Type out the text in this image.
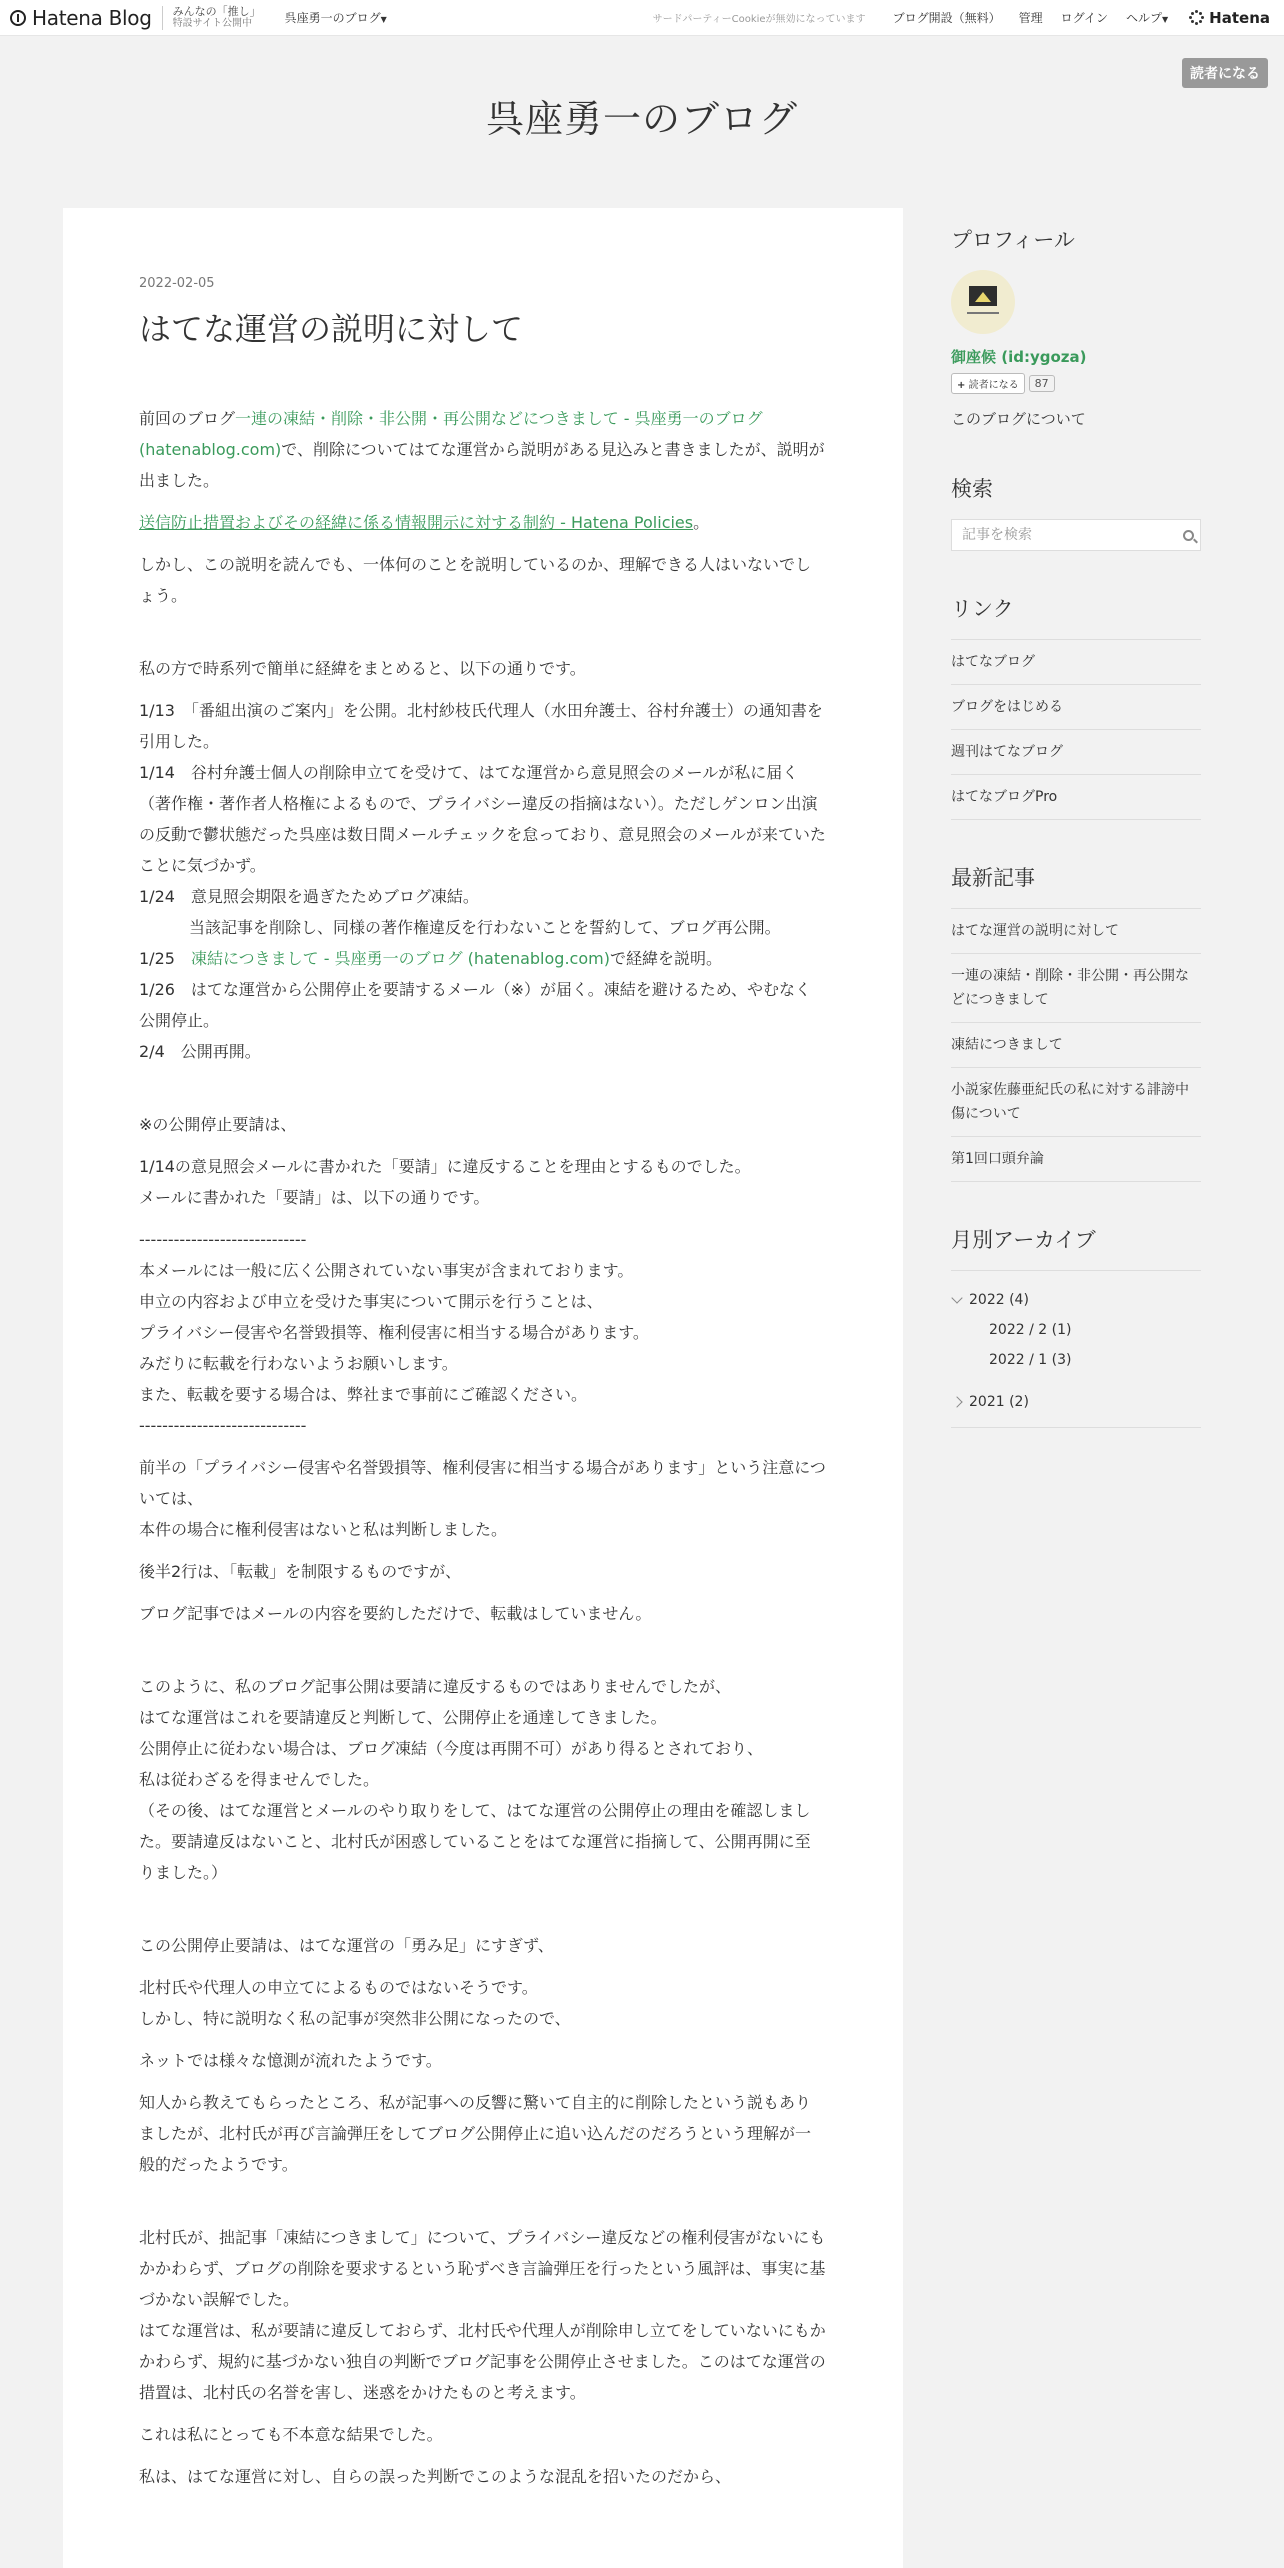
Hatena Blog みんなの「推し」
特設サイト公開中	呉座勇一のブログ▼	サードパーティーCookieが無効になっています ブログ開設（無料） 管理 ログイン ヘルプ▼	Hatena
読者になる
呉座勇一のブログ
2022-02-05
はてな運営の説明に対して

前回のブログ一連の凍結・削除・非公開・再公開などにつきまして - 呉座勇一のブログ (hatenablog.com)で、削除についてはてな運営から説明がある見込みと書きましたが、説明が出ました。

送信防止措置およびその経緯に係る情報開示に対する制約 - Hatena Policies。

しかし、この説明を読んでも、一体何のことを説明しているのか、理解できる人はいないでしょう。

私の方で時系列で簡単に経緯をまとめると、以下の通りです。

1/13　「番組出演のご案内」を公開。北村紗枝氏代理人（水田弁護士、谷村弁護士）の通知書を引用した。
1/14　谷村弁護士個人の削除申立てを受けて、はてな運営から意見照会のメールが私に届く（著作権・著作者人格権によるもので、プライバシー違反の指摘はない）。ただしゲンロン出演の反動で鬱状態だった呉座は数日間メールチェックを怠っており、意見照会のメールが来ていたことに気づかず。
1/24　意見照会期限を過ぎたためブログ凍結。
当該記事を削除し、同様の著作権違反を行わないことを誓約して、ブログ再公開。
1/25　凍結につきまして - 呉座勇一のブログ (hatenablog.com)で経緯を説明。
1/26　はてな運営から公開停止を要請するメール（※）が届く。凍結を避けるため、やむなく公開停止。
2/4　公開再開。

※の公開停止要請は、

1/14の意見照会メールに書かれた「要請」に違反することを理由とするものでした。
メールに書かれた「要請」は、以下の通りです。
-----------------------------
本メールには一般に広く公開されていない事実が含まれております。
申立の内容および申立を受けた事実について開示を行うことは、
プライバシー侵害や名誉毀損等、権利侵害に相当する場合があります。
みだりに転載を行わないようお願いします。
また、転載を要する場合は、弊社まで事前にご確認ください。
-----------------------------
前半の「プライバシー侵害や名誉毀損等、権利侵害に相当する場合があります」という注意については、
本件の場合に権利侵害はないと私は判断しました。

後半2行は、「転載」を制限するものですが、

ブログ記事ではメールの内容を要約しただけで、転載はしていません。

このように、私のブログ記事公開は要請に違反するものではありませんでしたが、
はてな運営はこれを要請違反と判断して、公開停止を通達してきました。
公開停止に従わない場合は、ブログ凍結（今度は再開不可）があり得るとされており、
私は従わざるを得ませんでした。
（その後、はてな運営とメールのやり取りをして、はてな運営の公開停止の理由を確認しました。要請違反はないこと、北村氏が困惑していることをはてな運営に指摘して、公開再開に至りました。）

この公開停止要請は、はてな運営の「勇み足」にすぎず、

北村氏や代理人の申立てによるものではないそうです。
しかし、特に説明なく私の記事が突然非公開になったので、

ネットでは様々な憶測が流れたようです。

知人から教えてもらったところ、私が記事への反響に驚いて自主的に削除したという説もありましたが、北村氏が再び言論弾圧をしてブログ公開停止に追い込んだのだろうという理解が一般的だったようです。

北村氏が、拙記事「凍結につきまして」について、プライバシー違反などの権利侵害がないにもかかわらず、ブログの削除を要求するという恥ずべき言論弾圧を行ったという風評は、事実に基づかない誤解でした。
はてな運営は、私が要請に違反しておらず、北村氏や代理人が削除申し立てをしていないにもかかわらず、規約に基づかない独自の判断でブログ記事を公開停止させました。このはてな運営の措置は、北村氏の名誉を害し、迷惑をかけたものと考えます。

これは私にとっても不本意な結果でした。

私は、はてな運営に対し、自らの誤った判断でこのような混乱を招いたのだから、

プロフィール
御座候 (id:ygoza)
+ 読者になる	87
このブログについて
検索
記事を検索
リンク
はてなブログ
ブログをはじめる
週刊はてなブログ
はてなブログPro
最新記事
はてな運営の説明に対して
一連の凍結・削除・非公開・再公開などにつきまして
凍結につきまして
小説家佐藤亜紀氏の私に対する誹謗中傷について
第1回口頭弁論
月別アーカイブ
2022 (4)
2022 / 2 (1)
2022 / 1 (3)
2021 (2)
